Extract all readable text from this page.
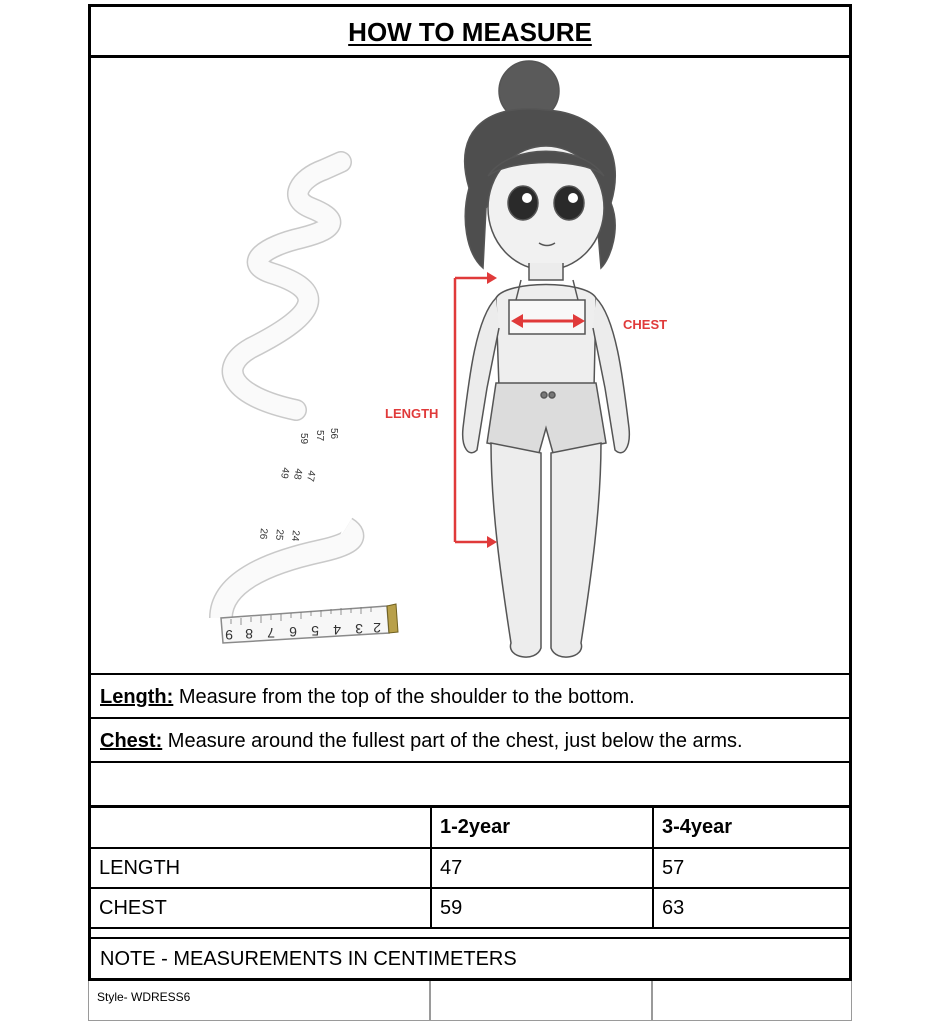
HOW TO MEASURE
59 57 56
49 48 47
26 25 24
9 8 7 6 5 4 3 2
CHEST
LENGTH
Length: Measure from the top of the shoulder to the bottom.
Chest: Measure around the fullest part of the chest, just below the arms.
	1-2year	3-4year
LENGTH	47	57
CHEST	59	63
NOTE - MEASUREMENTS IN CENTIMETERS
Style- WDRESS6
